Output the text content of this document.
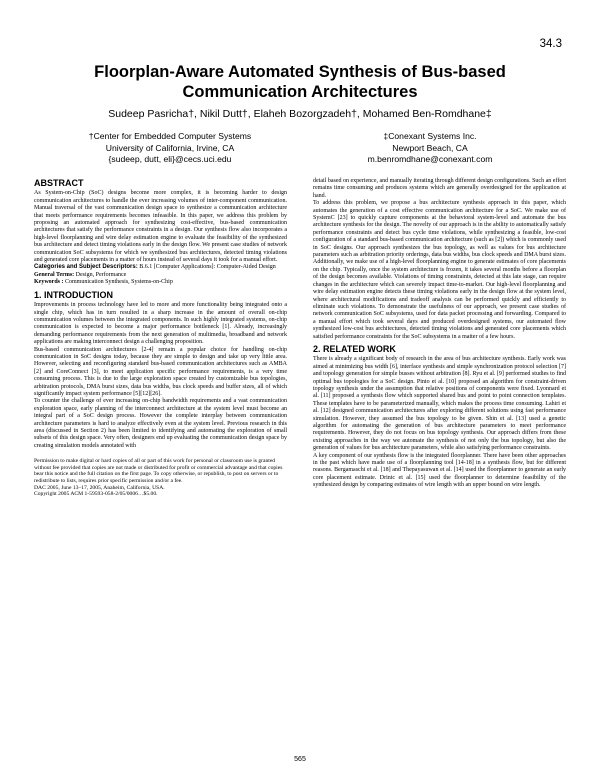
34.3
Floorplan-Aware Automated Synthesis of Bus-based Communication Architectures
Sudeep Pasricha†, Nikil Dutt†, Elaheh Bozorgzadeh†, Mohamed Ben-Romdhane‡
†Center for Embedded Computer Systems
University of California, Irvine, CA
{sudeep, dutt, eli}@cecs.uci.edu
‡Conexant Systems Inc.
Newport Beach, CA
m.benromdhane@conexant.com
ABSTRACT

As System-on-Chip (SoC) designs become more complex, it is becoming harder to design communication architectures to handle the ever increasing volumes of inter-component communication. Manual traversal of the vast communication design space to synthesize a communication architecture that meets performance requirements becomes infeasible. In this paper, we address this problem by proposing an automated approach for synthesizing cost-effective, bus-based communication architectures that satisfy the performance constraints in a design. Our synthesis flow also incorporates a high-level floorplanning and wire delay estimation engine to evaluate the feasibility of the synthesized bus architecture and detect timing violations early in the design flow. We present case studies of network communication SoC subsystems for which we synthesized bus architectures, detected timing violations and generated core placements in a matter of hours instead of several days it took for a manual effort.

Categories and Subject Descriptors: B.6.1 [Computer Applications]: Computer-Aided Design

General Terms: Design, Performance

Keywords : Communication Synthesis, Systems-on-Chip

1. INTRODUCTION

Improvements in process technology have led to more and more functionality being integrated onto a single chip, which has in turn resulted in a sharp increase in the amount of overall on-chip communication volumes between the integrated components. In such highly integrated systems, on-chip communication is expected to become a major performance bottleneck [1]. Already, increasingly demanding performance requirements from the next generation of multimedia, broadband and network applications are making interconnect design a challenging proposition.

Bus-based communication architectures [2-4] remain a popular choice for handling on-chip communication in SoC designs today, because they are simple to design and take up very little area. However, selecting and reconfiguring standard bus-based communication architectures such as AMBA [2] and CoreConnect [3], to meet application specific performance requirements, is a very time consuming process. This is due to the large exploration space created by customizable bus topologies, arbitration protocols, DMA burst sizes, data bus widths, bus clock speeds and buffer sizes, all of which significantly impact system performance [5][12][26].

To counter the challenge of ever increasing on-chip bandwidth requirements and a vast communication exploration space, early planning of the interconnect architecture at the system level must become an integral part of a SoC design process. However the complete interplay between communication architecture parameters is hard to analyze effectively even at the system level. Previous research in this area (discussed in Section 2) has been limited to identifying and automating the exploration of small subsets of this design space. Very often, designers end up evaluating the communication design space by creating simulation models annotated with

Permission to make digital or hard copies of all or part of this work for personal or classroom use is granted without fee provided that copies are not made or distributed for profit or commercial advantage and that copies bear this notice and the full citation on the first page. To copy otherwise, or republish, to post on servers or to redistribute to lists, requires prior specific permission and/or a fee.
DAC 2005, June 13–17, 2005, Anaheim, California, USA.
Copyright 2005 ACM 1-59593-058-2/05/0006…$5.00.

detail based on experience, and manually iterating through different design configurations. Such an effort remains time consuming and produces systems which are generally overdesigned for the application at hand.

To address this problem, we propose a bus architecture synthesis approach in this paper, which automates the generation of a cost effective communication architecture for a SoC. We make use of SystemC [23] to quickly capture components at the behavioral system-level and automate the bus architecture synthesis for the design. The novelty of our approach is in the ability to automatically satisfy performance constraints and detect bus cycle time violations, while synthesizing a feasible, low-cost configuration of a standard bus-based communication architecture (such as [2]) which is commonly used in SoC designs. Our approach synthesizes the bus topology, as well as values for bus architecture parameters such as arbitration priority orderings, data bus widths, bus clock speeds and DMA burst sizes. Additionally, we make use of a high-level floorplanning engine to generate estimates of core placements on the chip. Typically, once the system architecture is frozen, it takes several months before a floorplan of the design becomes available. Violations of timing constraints, detected at this late stage, can require changes in the architecture which can severely impact time-to-market. Our high-level floorplanning and wire delay estimation engine detects these timing violations early in the design flow at the system level, where architectural modifications and tradeoff analysis can be performed quickly and efficiently to eliminate such violations. To demonstrate the usefulness of our approach, we present case studies of network communication SoC subsystems, used for data packet processing and forwarding. Compared to a manual effort which took several days and produced overdesigned systems, our automated flow synthesized low-cost bus architectures, detected timing violations and generated core placements which satisfied performance constraints for the SoC subsystems in a matter of a few hours.

2. RELATED WORK

There is already a significant body of research in the area of bus architecture synthesis. Early work was aimed at minimizing bus width [6], interface synthesis and simple synchronization protocol selection [7] and topology generation for simple busses without arbitration [8]. Ryu et al. [9] performed studies to find optimal bus topologies for a SoC design. Pinto et al. [10] proposed an algorithm for constraint-driven topology synthesis under the assumption that relative positions of components were fixed. Lyonnard et al. [11] proposed a synthesis flow which supported shared bus and point to point connection templates. These templates have to be parameterized manually, which makes the process time consuming. Lahiri et al. [12] designed communication architectures after exploring different solutions using fast performance simulation. However, they assumed the bus topology to be given. Shin et al. [13] used a genetic algorithm for automating the generation of bus architecture parameters to meet performance requirements. However, they do not focus on bus topology synthesis. Our approach differs from these existing approaches in the way we automate the synthesis of not only the bus topology, but also the generation of values for bus architecture parameters, while also satisfying performance constraints.

A key component of our synthesis flow is the integrated floorplanner. There have been other approaches in the past which have made use of a floorplanning tool [14-18] in a synthesis flow, but for different reasons. Bergamaschi et al. [18] and Thepayasuwan et al. [14] used the floorplanner to generate an early core placement estimate. Drinic et al. [15] used the floorplanner to determine feasibility of the synthesized design by comparing estimates of wire length with an upper bound on wire length.

565
